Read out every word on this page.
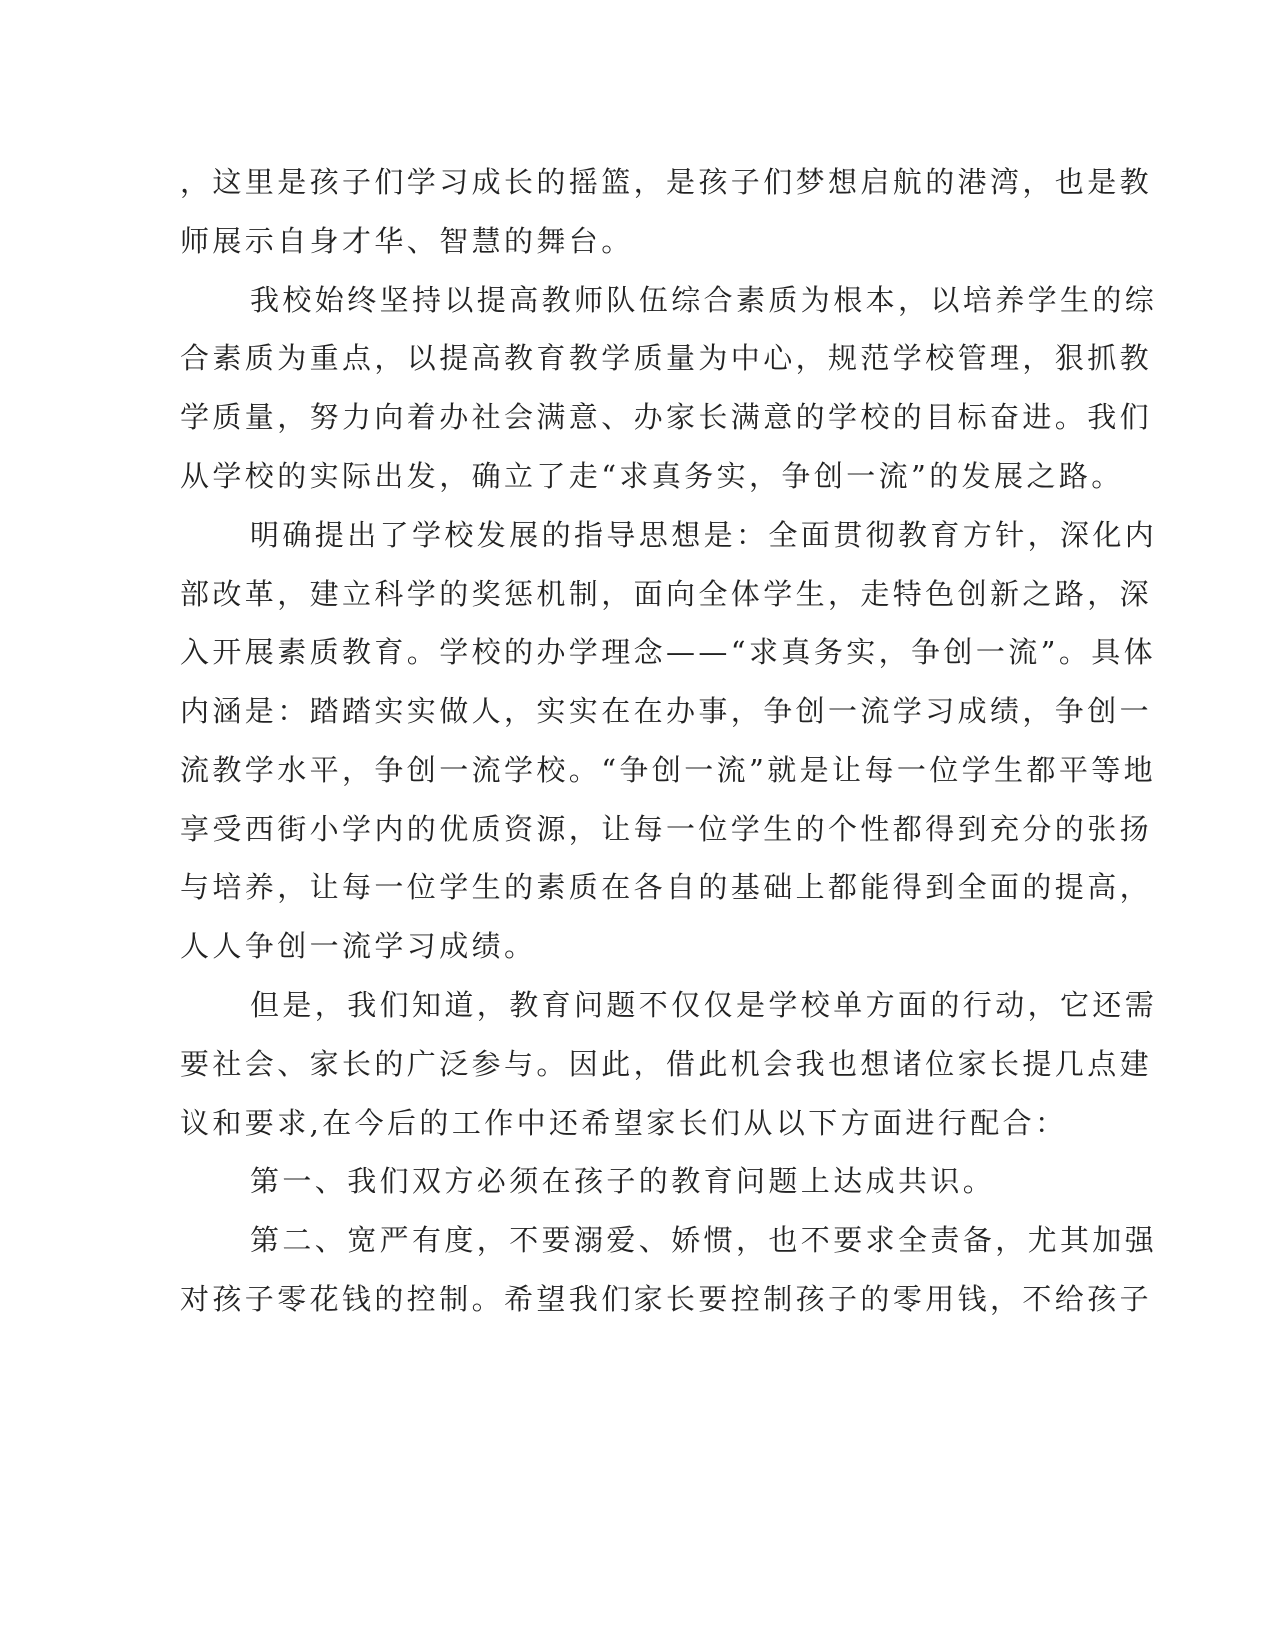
，这里是孩子们学习成长的摇篮，是孩子们梦想启航的港湾，也是教
师展示自身才华、智慧的舞台。
我校始终坚持以提高教师队伍综合素质为根本，以培养学生的综
合素质为重点，以提高教育教学质量为中心，规范学校管理，狠抓教
学质量，努力向着办社会满意、办家长满意的学校的目标奋进。我们
从学校的实际出发，确立了走“求真务实，争创一流”的发展之路。
明确提出了学校发展的指导思想是：全面贯彻教育方针，深化内
部改革，建立科学的奖惩机制，面向全体学生，走特色创新之路，深
入开展素质教育。学校的办学理念——“求真务实，争创一流”。具体
内涵是：踏踏实实做人，实实在在办事，争创一流学习成绩，争创一
流教学水平，争创一流学校。“争创一流”就是让每一位学生都平等地
享受西街小学内的优质资源，让每一位学生的个性都得到充分的张扬
与培养，让每一位学生的素质在各自的基础上都能得到全面的提高，
人人争创一流学习成绩。
但是，我们知道，教育问题不仅仅是学校单方面的行动，它还需
要社会、家长的广泛参与。因此，借此机会我也想诸位家长提几点建
议和要求,在今后的工作中还希望家长们从以下方面进行配合：
第一、我们双方必须在孩子的教育问题上达成共识。
第二、宽严有度，不要溺爱、娇惯，也不要求全责备，尤其加强
对孩子零花钱的控制。希望我们家长要控制孩子的零用钱，不给孩子
